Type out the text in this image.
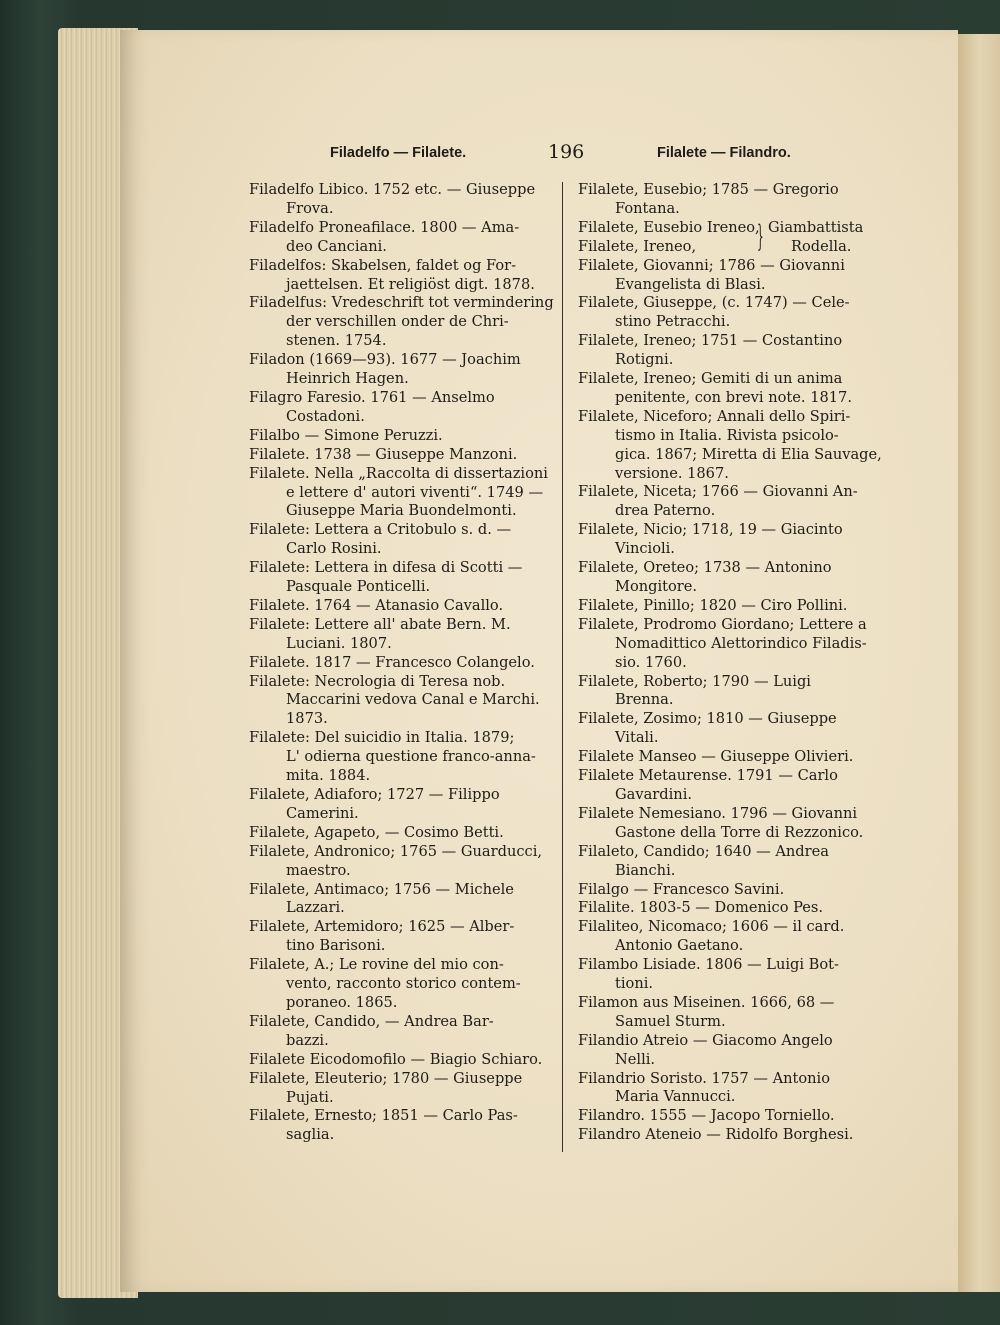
Filadelfo — Filalete.	196	Filalete — Filandro.
Filadelfo Libico. 1752 etc. — Giuseppe
Frova.
Filadelfo Proneafilace. 1800 — Ama-
deo Canciani.
Filadelfos: Skabelsen, faldet og For-
jaettelsen. Et religiöst digt. 1878.
Filadelfus: Vredeschrift tot vermindering
der verschillen onder de Chri-
stenen. 1754.
Filadon (1669—93). 1677 — Joachim
Heinrich Hagen.
Filagro Faresio. 1761 — Anselmo
Costadoni.
Filalbo — Simone Peruzzi.
Filalete. 1738 — Giuseppe Manzoni.
Filalete. Nella „Raccolta di dissertazioni
e lettere d' autori viventi“. 1749 —
Giuseppe Maria Buondelmonti.
Filalete: Lettera a Critobulo s. d. —
Carlo Rosini.
Filalete: Lettera in difesa di Scotti —
Pasquale Ponticelli.
Filalete. 1764 — Atanasio Cavallo.
Filalete: Lettere all' abate Bern. M.
Luciani. 1807.
Filalete. 1817 — Francesco Colangelo.
Filalete: Necrologia di Teresa nob.
Maccarini vedova Canal e Marchi.
1873.
Filalete: Del suicidio in Italia. 1879;
L' odierna questione franco-anna-
mita. 1884.
Filalete, Adiaforo; 1727 — Filippo
Camerini.
Filalete, Agapeto, — Cosimo Betti.
Filalete, Andronico; 1765 — Guarducci,
maestro.
Filalete, Antimaco; 1756 — Michele
Lazzari.
Filalete, Artemidoro; 1625 — Alber-
tino Barisoni.
Filalete, A.; Le rovine del mio con-
vento, racconto storico contem-
poraneo. 1865.
Filalete, Candido, — Andrea Bar-
bazzi.
Filalete Eicodomofilo — Biagio Schiaro.
Filalete, Eleuterio; 1780 — Giuseppe
Pujati.
Filalete, Ernesto; 1851 — Carlo Pas-
saglia.
Filalete, Eusebio; 1785 — Gregorio
Fontana.
Filalete, Eusebio Ireneo,
Filalete, Ireneo, } Giambattista
Rodella.
Filalete, Giovanni; 1786 — Giovanni
Evangelista di Blasi.
Filalete, Giuseppe, (c. 1747) — Cele-
stino Petracchi.
Filalete, Ireneo; 1751 — Costantino
Rotigni.
Filalete, Ireneo; Gemiti di un anima
penitente, con brevi note. 1817.
Filalete, Niceforo; Annali dello Spiri-
tismo in Italia. Rivista psicolo-
gica. 1867; Miretta di Elia Sauvage,
versione. 1867.
Filalete, Niceta; 1766 — Giovanni An-
drea Paterno.
Filalete, Nicio; 1718, 19 — Giacinto
Vincioli.
Filalete, Oreteo; 1738 — Antonino
Mongitore.
Filalete, Pinillo; 1820 — Ciro Pollini.
Filalete, Prodromo Giordano; Lettere a
Nomadittico Alettorindico Filadis-
sio. 1760.
Filalete, Roberto; 1790 — Luigi
Brenna.
Filalete, Zosimo; 1810 — Giuseppe
Vitali.
Filalete Manseo — Giuseppe Olivieri.
Filalete Metaurense. 1791 — Carlo
Gavardini.
Filalete Nemesiano. 1796 — Giovanni
Gastone della Torre di Rezzonico.
Filaleto, Candido; 1640 — Andrea
Bianchi.
Filalgo — Francesco Savini.
Filalite. 1803-5 — Domenico Pes.
Filaliteo, Nicomaco; 1606 — il card.
Antonio Gaetano.
Filambo Lisiade. 1806 — Luigi Bot-
tioni.
Filamon aus Miseinen. 1666, 68 —
Samuel Sturm.
Filandio Atreio — Giacomo Angelo
Nelli.
Filandrio Soristo. 1757 — Antonio
Maria Vannucci.
Filandro. 1555 — Jacopo Torniello.
Filandro Ateneio — Ridolfo Borghesi.
